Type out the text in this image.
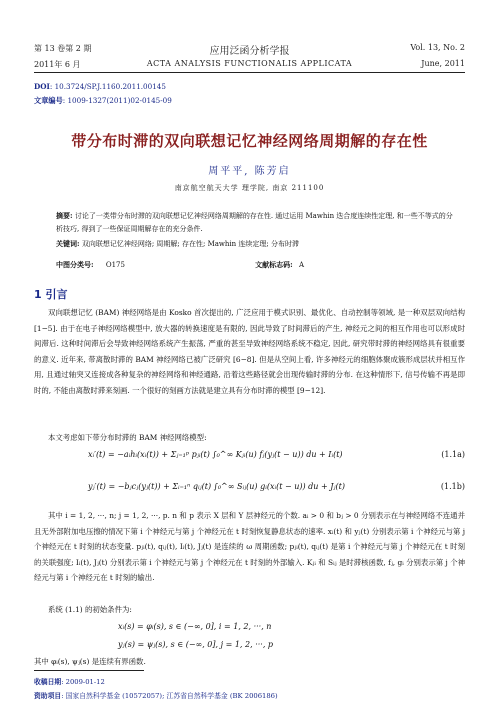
第 13 卷第 2 期	应用泛函分析学报	Vol. 13, No. 2
2011年 6 月	ACTA ANALYSIS FUNCTIONALIS APPLICATA	June, 2011
DOI: 10.3724/SP.J.1160.2011.00145
文章编号: 1009-1327(2011)02-0145-09
带分布时滞的双向联想记忆神经网络周期解的存在性
周平平, 陈芳启
南京航空航天大学 理学院, 南京 211100
摘要: 讨论了一类带分布时滞的双向联想记忆神经网络周期解的存在性. 通过运用 Mawhin 迭合度连续性定理, 和一些不等式的分析技巧, 得到了一些保证周期解存在的充分条件.
关键词: 双向联想记忆神经网络; 周期解; 存在性; Mawhin 连续定理; 分布时滞
中图分类号: O175	文献标志码: A
1 引言
双向联想记忆 (BAM) 神经网络是由 Kosko 首次提出的, 广泛应用于模式识别、最优化、自动控制等领域, 是一种双层双向结构 [1−5]. 由于在电子神经网络模型中, 放大器的转换速度是有限的, 因此导致了时间滞后的产生, 神经元之间的相互作用也可以形成时间滞后. 这种时间滞后会导致神经网络系统产生振荡, 严重的甚至导致神经网络系统不稳定, 因此, 研究带时滞的神经网络具有很重要的意义. 近年来, 带离散时滞的 BAM 神经网络已被广泛研究 [6−8]. 但是从空间上看, 许多神经元的细胞体聚成簇形成层状并相互作用, 且通过轴突又连接成各种复杂的神经网络和神经通路, 沿着这些路径就会出现传输时滞的分布. 在这种情形下, 信号传输不再是即时的, 不能由离散时滞来刻画. 一个很好的刻画方法就是建立具有分布时滞的模型 [9−12].
本文考虑如下带分布时滞的 BAM 神经网络模型:
xᵢ′(t) = −aᵢhᵢ(xᵢ(t)) + Σⱼ₌₁ᵖ pⱼᵢ(t) ∫₀^∞ Kⱼᵢ(u) fⱼ(yⱼ(t − u)) du + Iᵢ(t)	(1.1a)
yⱼ′(t) = −bⱼcⱼ(yⱼ(t)) + Σᵢ₌₁ⁿ qᵢⱼ(t) ∫₀^∞ Sᵢⱼ(u) gᵢ(xᵢ(t − u)) du + Jⱼ(t)	(1.1b)
其中 i = 1, 2, ···, n; j = 1, 2, ···, p. n 和 p 表示 X 层和 Y 层神经元的个数. aᵢ > 0 和 bⱼ > 0 分别表示在与神经网络不连通并且无外部附加电压擦的情况下第 i 个神经元与第 j 个神经元在 t 时刻恢复静息状态的速率. xᵢ(t) 和 yⱼ(t) 分别表示第 i 个神经元与第 j 个神经元在 t 时刻的状态变量. pⱼᵢ(t), qᵢⱼ(t), Iᵢ(t), Jⱼ(t) 是连续的 ω 周期函数; pⱼᵢ(t), qᵢⱼ(t) 是第 i 个神经元与第 j 个神经元在 t 时刻的关联强度; Iᵢ(t), Jⱼ(t) 分别表示第 i 个神经元与第 j 个神经元在 t 时刻的外部输入. Kⱼᵢ 和 Sᵢⱼ 是时滞核函数, fⱼ, gᵢ 分别表示第 j 个神经元与第 i 个神经元在 t 时刻的输出.
系统 (1.1) 的初始条件为:
xᵢ(s) = φᵢ(s), s ∈ (−∞, 0], i = 1, 2, ···, n
yⱼ(s) = ψⱼ(s), s ∈ (−∞, 0], j = 1, 2, ···, p
其中 φᵢ(s), ψⱼ(s) 是连续有界函数.
收稿日期: 2009-01-12
资助项目: 国家自然科学基金 (10572057); 江苏省自然科学基金 (BK 2006186)
